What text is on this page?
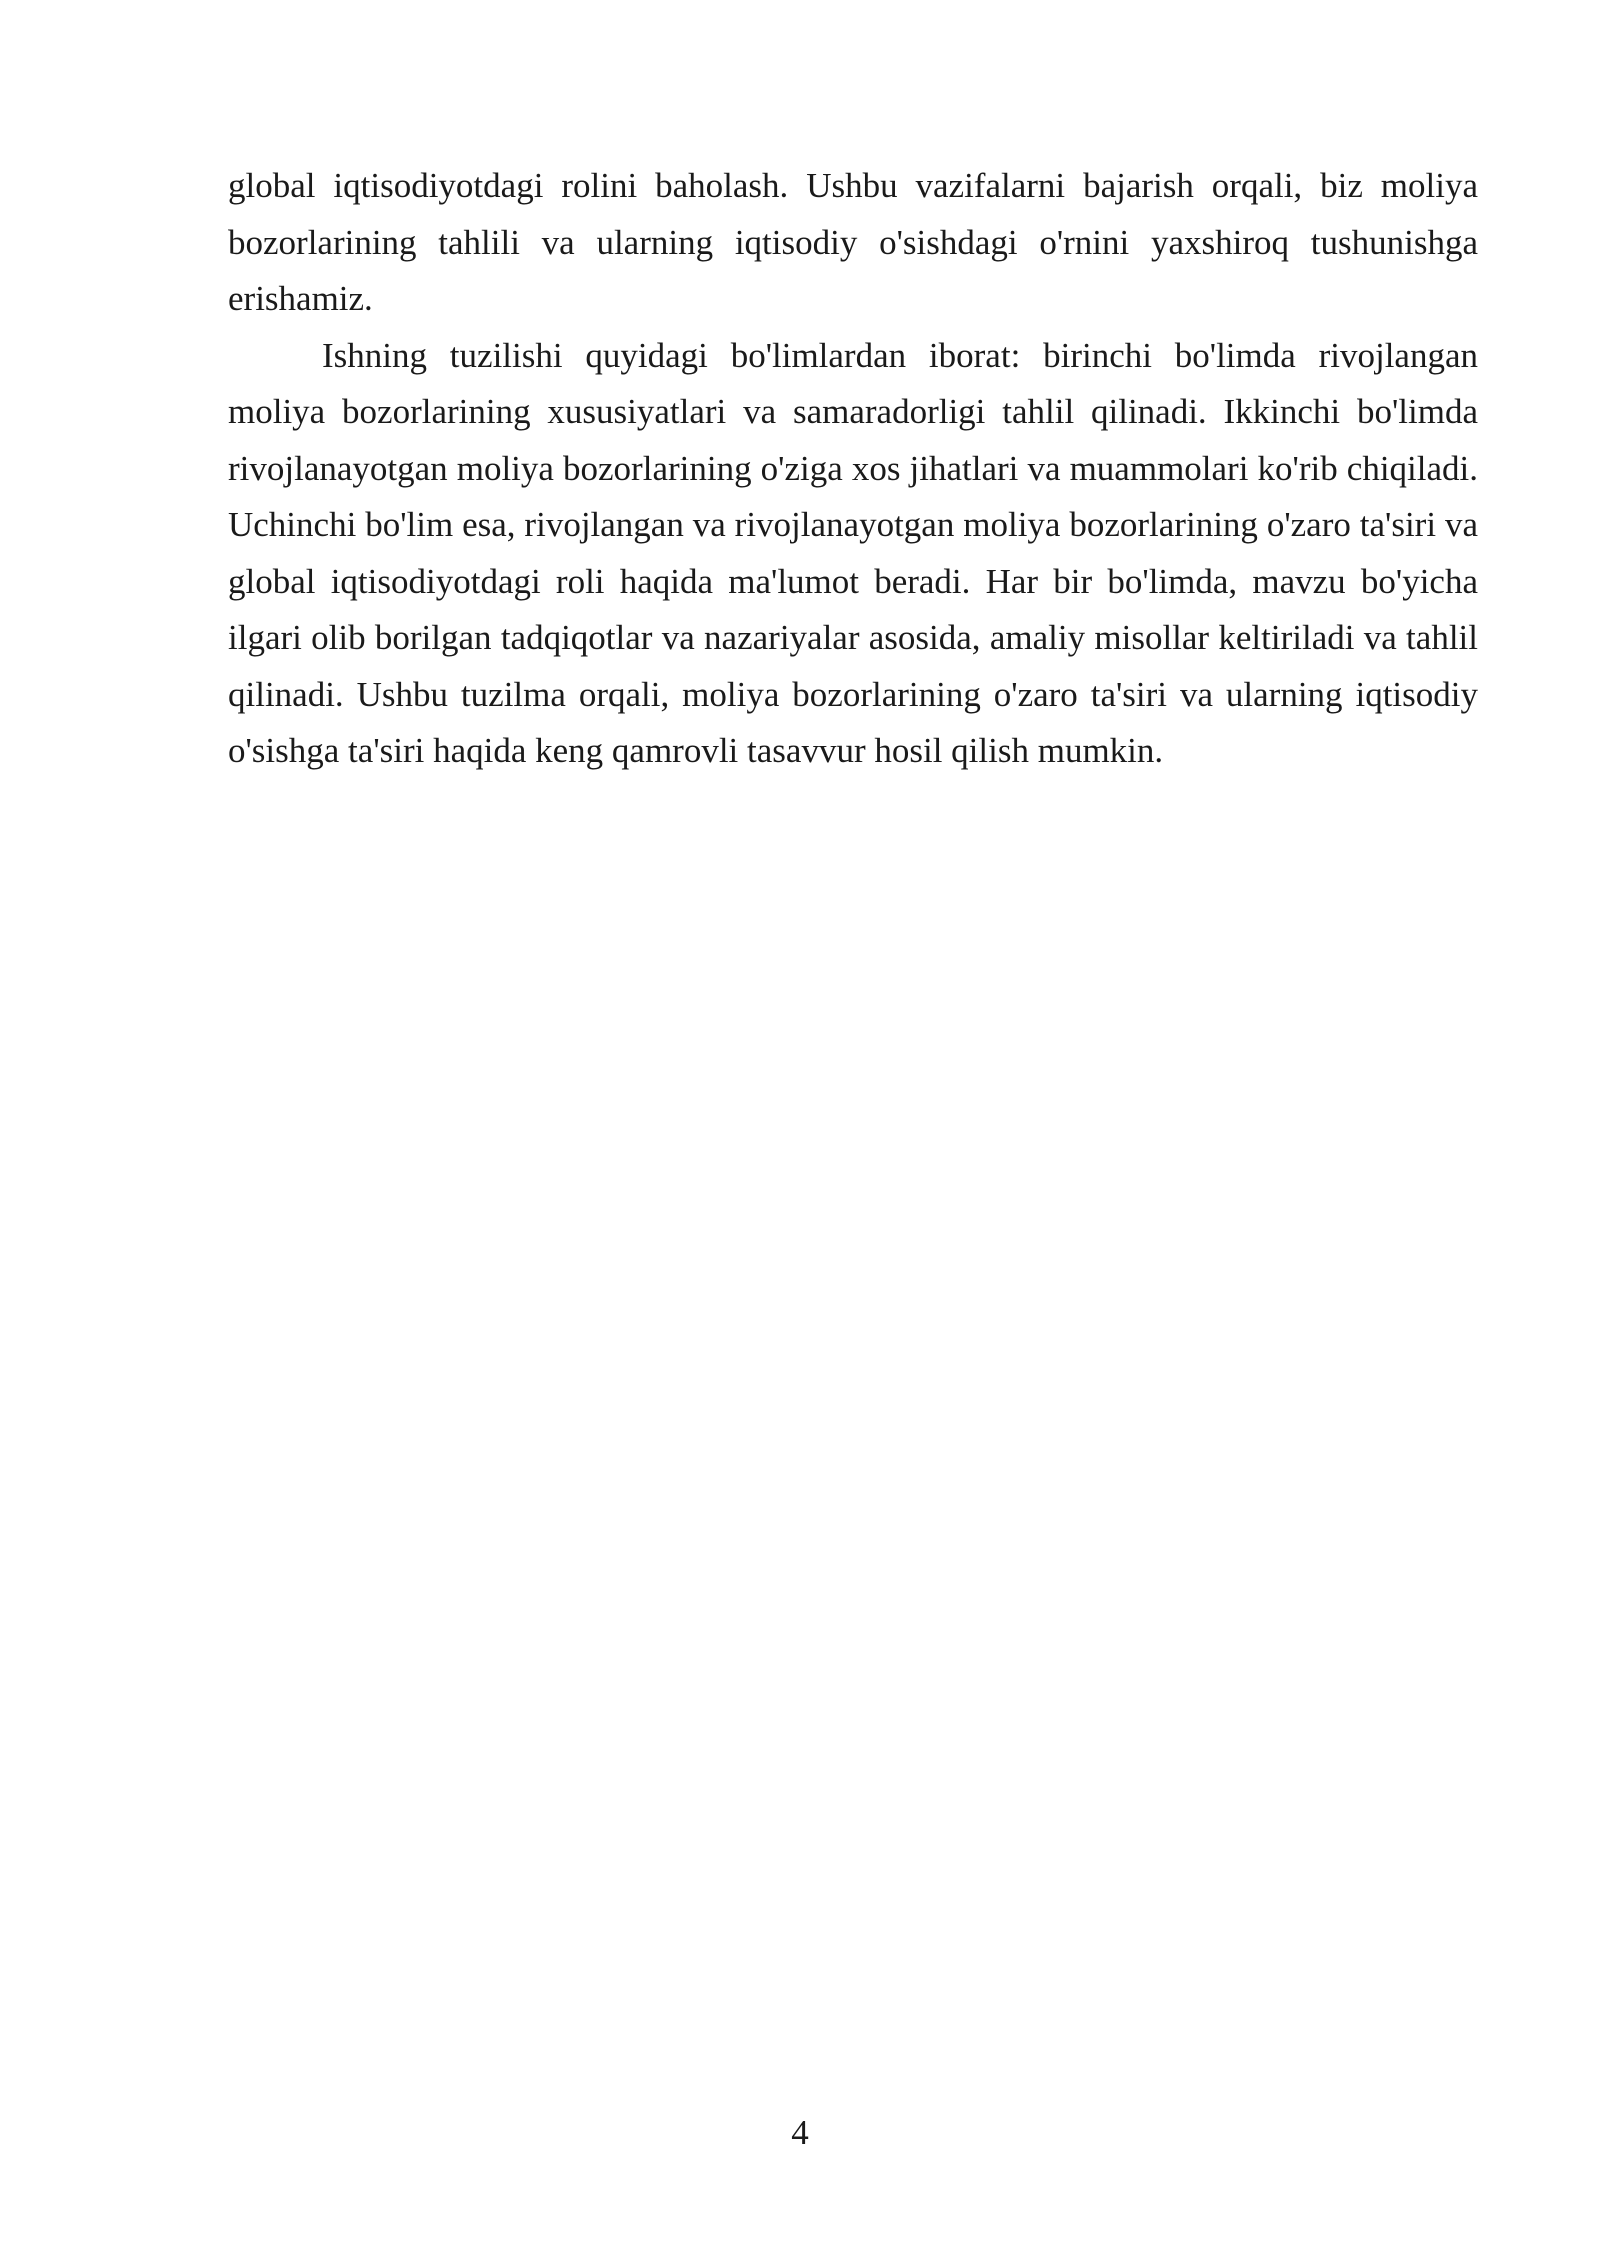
global iqtisodiyotdagi rolini baholash. Ushbu vazifalarni bajarish orqali, biz moliya bozorlarining tahlili va ularning iqtisodiy o'sishdagi o'rnini yaxshiroq tushunishga erishamiz.

Ishning tuzilishi quyidagi bo'limlardan iborat: birinchi bo'limda rivojlangan moliya bozorlarining xususiyatlari va samaradorligi tahlil qilinadi. Ikkinchi bo'limda rivojlanayotgan moliya bozorlarining o'ziga xos jihatlari va muammolari ko'rib chiqiladi. Uchinchi bo'lim esa, rivojlangan va rivojlanayotgan moliya bozorlarining o'zaro ta'siri va global iqtisodiyotdagi roli haqida ma'lumot beradi. Har bir bo'limda, mavzu bo'yicha ilgari olib borilgan tadqiqotlar va nazariyalar asosida, amaliy misollar keltiriladi va tahlil qilinadi. Ushbu tuzilma orqali, moliya bozorlarining o'zaro ta'siri va ularning iqtisodiy o'sishga ta'siri haqida keng qamrovli tasavvur hosil qilish mumkin.

4
